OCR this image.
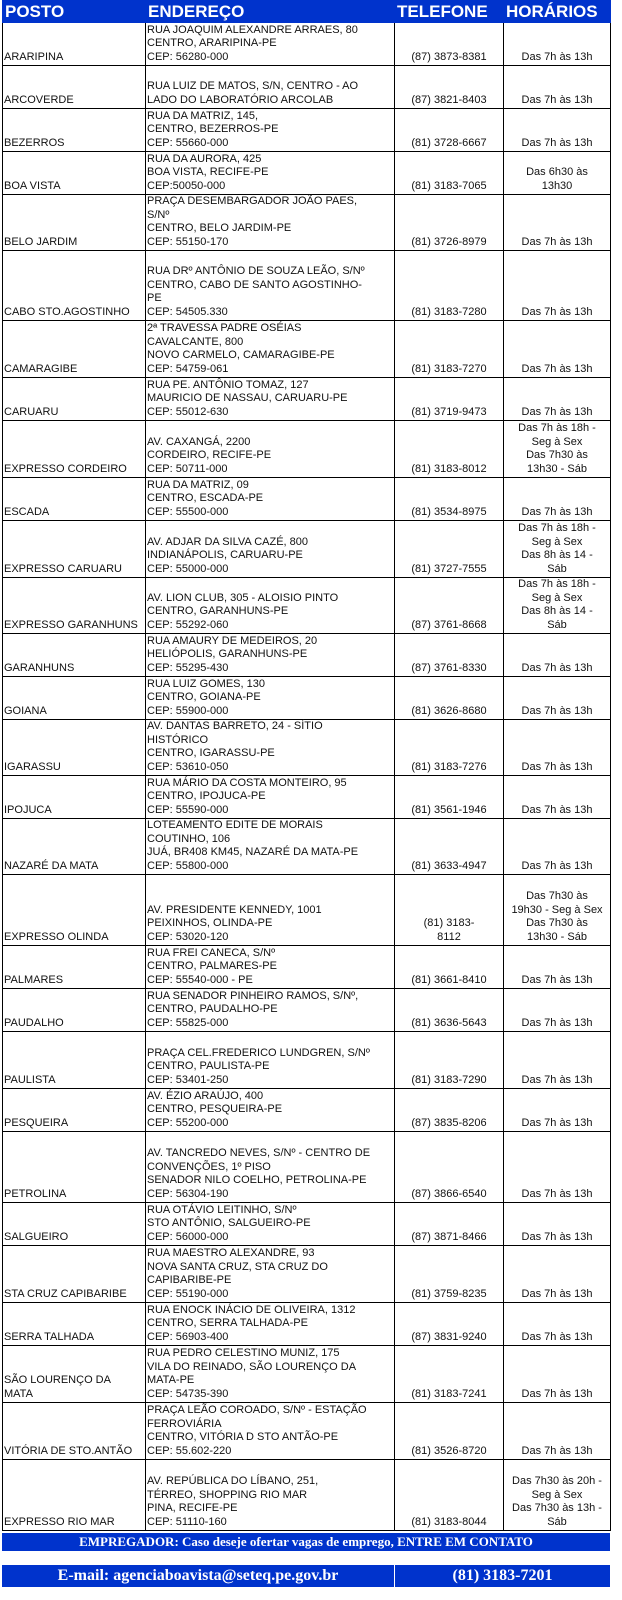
POSTO	ENDEREÇO	TELEFONE	HORÁRIOS
ARARIPINA	RUA JOAQUIM ALEXANDRE ARRAES, 80
CENTRO, ARARIPINA-PE
CEP: 56280-000	(87) 3873-8381	Das 7h às 13h
ARCOVERDE	RUA LUIZ DE MATOS, S/N, CENTRO - AO
LADO DO LABORATÓRIO ARCOLAB	(87) 3821-8403	Das 7h às 13h
BEZERROS	RUA DA MATRIZ, 145,
CENTRO, BEZERROS-PE
CEP: 55660-000	(81) 3728-6667	Das 7h às 13h
BOA VISTA	RUA DA AURORA, 425
BOA VISTA, RECIFE-PE
CEP:50050-000	(81) 3183-7065	Das 6h30 às
13h30
BELO JARDIM	PRAÇA DESEMBARGADOR JOÃO PAES,
S/Nº
CENTRO, BELO JARDIM-PE
CEP: 55150-170	(81) 3726-8979	Das 7h às 13h
CABO STO.AGOSTINHO	RUA DRº ANTÔNIO DE SOUZA LEÃO, S/Nº
CENTRO, CABO DE SANTO AGOSTINHO-
PE
CEP: 54505.330	(81) 3183-7280	Das 7h às 13h
CAMARAGIBE	2ª TRAVESSA PADRE OSÉIAS
CAVALCANTE, 800
NOVO CARMELO, CAMARAGIBE-PE
CEP: 54759-061	(81) 3183-7270	Das 7h às 13h
CARUARU	RUA PE. ANTÔNIO TOMAZ, 127
MAURICIO DE NASSAU, CARUARU-PE
CEP: 55012-630	(81) 3719-9473	Das 7h às 13h
EXPRESSO CORDEIRO	AV. CAXANGÁ, 2200
CORDEIRO, RECIFE-PE
CEP: 50711-000	(81) 3183-8012	Das 7h às 18h -
Seg à Sex
Das 7h30 às
13h30 - Sáb
ESCADA	RUA DA MATRIZ, 09
CENTRO, ESCADA-PE
CEP: 55500-000	(81) 3534-8975	Das 7h às 13h
EXPRESSO CARUARU	AV. ADJAR DA SILVA CAZÉ, 800
INDIANÁPOLIS, CARUARU-PE
CEP: 55000-000	(81) 3727-7555	Das 7h às 18h -
Seg à Sex
Das 8h às 14 -
Sáb
EXPRESSO GARANHUNS	AV. LION CLUB, 305 - ALOISIO PINTO
CENTRO, GARANHUNS-PE
CEP: 55292-060	(87) 3761-8668	Das 7h às 18h -
Seg à Sex
Das 8h às 14 -
Sáb
GARANHUNS	RUA AMAURY DE MEDEIROS, 20
HELIÓPOLIS, GARANHUNS-PE
CEP: 55295-430	(87) 3761-8330	Das 7h às 13h
GOIANA	RUA LUIZ GOMES, 130
CENTRO, GOIANA-PE
CEP: 55900-000	(81) 3626-8680	Das 7h às 13h
IGARASSU	AV. DANTAS BARRETO, 24 - SÍTIO
HISTÓRICO
CENTRO, IGARASSU-PE
CEP: 53610-050	(81) 3183-7276	Das 7h às 13h
IPOJUCA	RUA MÁRIO DA COSTA MONTEIRO, 95
CENTRO, IPOJUCA-PE
CEP: 55590-000	(81) 3561-1946	Das 7h às 13h
NAZARÉ DA MATA	LOTEAMENTO EDITE DE MORAIS
COUTINHO, 106
JUÁ, BR408 KM45, NAZARÉ DA MATA-PE
CEP: 55800-000	(81) 3633-4947	Das 7h às 13h
EXPRESSO OLINDA	AV. PRESIDENTE KENNEDY, 1001
PEIXINHOS, OLINDA-PE
CEP: 53020-120	(81) 3183-
8112	Das 7h30 às
19h30 - Seg à Sex
Das 7h30 às
13h30 - Sáb
PALMARES	RUA FREI CANECA, S/Nº
CENTRO, PALMARES-PE
CEP: 55540-000 - PE	(81) 3661-8410	Das 7h às 13h
PAUDALHO	RUA SENADOR PINHEIRO RAMOS, S/Nº,
CENTRO, PAUDALHO-PE
CEP: 55825-000	(81) 3636-5643	Das 7h às 13h
PAULISTA	PRAÇA CEL.FREDERICO LUNDGREN, S/Nº
CENTRO, PAULISTA-PE
CEP: 53401-250	(81) 3183-7290	Das 7h às 13h
PESQUEIRA	AV. ÉZIO ARAÚJO, 400
CENTRO, PESQUEIRA-PE
CEP: 55200-000	(87) 3835-8206	Das 7h às 13h
PETROLINA	AV. TANCREDO NEVES, S/Nº - CENTRO DE
CONVENÇÕES, 1º PISO
SENADOR NILO COELHO, PETROLINA-PE
CEP: 56304-190	(87) 3866-6540	Das 7h às 13h
SALGUEIRO	RUA OTÁVIO LEITINHO, S/Nº
STO ANTÔNIO, SALGUEIRO-PE
CEP: 56000-000	(87) 3871-8466	Das 7h às 13h
STA CRUZ CAPIBARIBE	RUA MAESTRO ALEXANDRE, 93
NOVA SANTA CRUZ, STA CRUZ DO
CAPIBARIBE-PE
CEP: 55190-000	(81) 3759-8235	Das 7h às 13h
SERRA TALHADA	RUA ENOCK INÁCIO DE OLIVEIRA, 1312
CENTRO, SERRA TALHADA-PE
CEP: 56903-400	(87) 3831-9240	Das 7h às 13h
SÃO LOURENÇO DA
MATA	RUA PEDRO CELESTINO MUNIZ, 175
VILA DO REINADO, SÃO LOURENÇO DA
MATA-PE
CEP: 54735-390	(81) 3183-7241	Das 7h às 13h
VITÓRIA DE STO.ANTÃO	PRAÇA LEÃO COROADO, S/Nº - ESTAÇÃO
FERROVIÁRIA
CENTRO, VITÓRIA D STO ANTÃO-PE
CEP: 55.602-220	(81) 3526-8720	Das 7h às 13h
EXPRESSO RIO MAR	AV. REPÚBLICA DO LÍBANO, 251,
TÉRREO, SHOPPING RIO MAR
PINA, RECIFE-PE
CEP: 51110-160	(81) 3183-8044	Das 7h30 às 20h -
Seg à Sex
Das 7h30 às 13h -
Sáb
EMPREGADOR: Caso deseje ofertar vagas de emprego, ENTRE EM CONTATO
E-mail: agenciaboavista@seteq.pe.gov.br	(81) 3183-7201
